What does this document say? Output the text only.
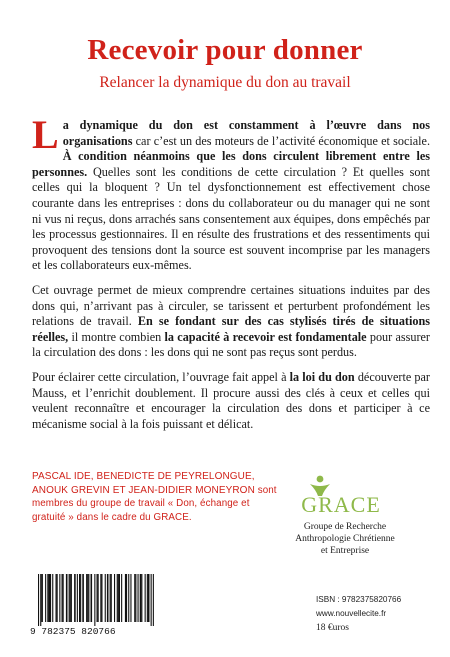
Recevoir pour donner
Relancer la dynamique du don au travail

La dynamique du don est constamment à l’œuvre dans nos organisations car c’est un des moteurs de l’activité économique et sociale. À condition néanmoins que les dons circulent librement entre les personnes. Quelles sont les conditions de cette circulation ? Et quelles sont celles qui la bloquent ? Un tel dysfonctionnement est effectivement chose courante dans les entreprises : dons du collaborateur ou du manager qui ne sont ni vus ni reçus, dons arrachés sans consentement aux équipes, dons empêchés par les processus gestionnaires. Il en résulte des frustrations et des ressentiments qui provoquent des tensions dont la source est souvent incomprise par les managers et les collaborateurs eux-mêmes.

Cet ouvrage permet de mieux comprendre certaines situations induites par des dons qui, n’arrivant pas à circuler, se tarissent et perturbent profondément les relations de travail. En se fondant sur des cas stylisés tirés de situations réelles, il montre combien la capacité à recevoir est fondamentale pour assurer la circulation des dons : les dons qui ne sont pas reçus sont perdus.

Pour éclairer cette circulation, l’ouvrage fait appel à la loi du don découverte par Mauss, et l’enrichit doublement. Il procure aussi des clés à ceux et celles qui veulent reconnaître et encourager la circulation des dons et participer à ce mécanisme social à la fois puissant et délicat.

PASCAL IDE, BENEDICTE DE PEYRELONGUE, ANOUK GREVIN ET JEAN-DIDIER MONEYRON sont membres du groupe de travail « Don, échange et gratuité » dans le cadre du GRACE.	GRACE
Groupe de Recherche
Anthropologie Chrétienne
et Entreprise
9 782375 820766
ISBN : 9782375820766
www.nouvellecite.fr
18 €uros
